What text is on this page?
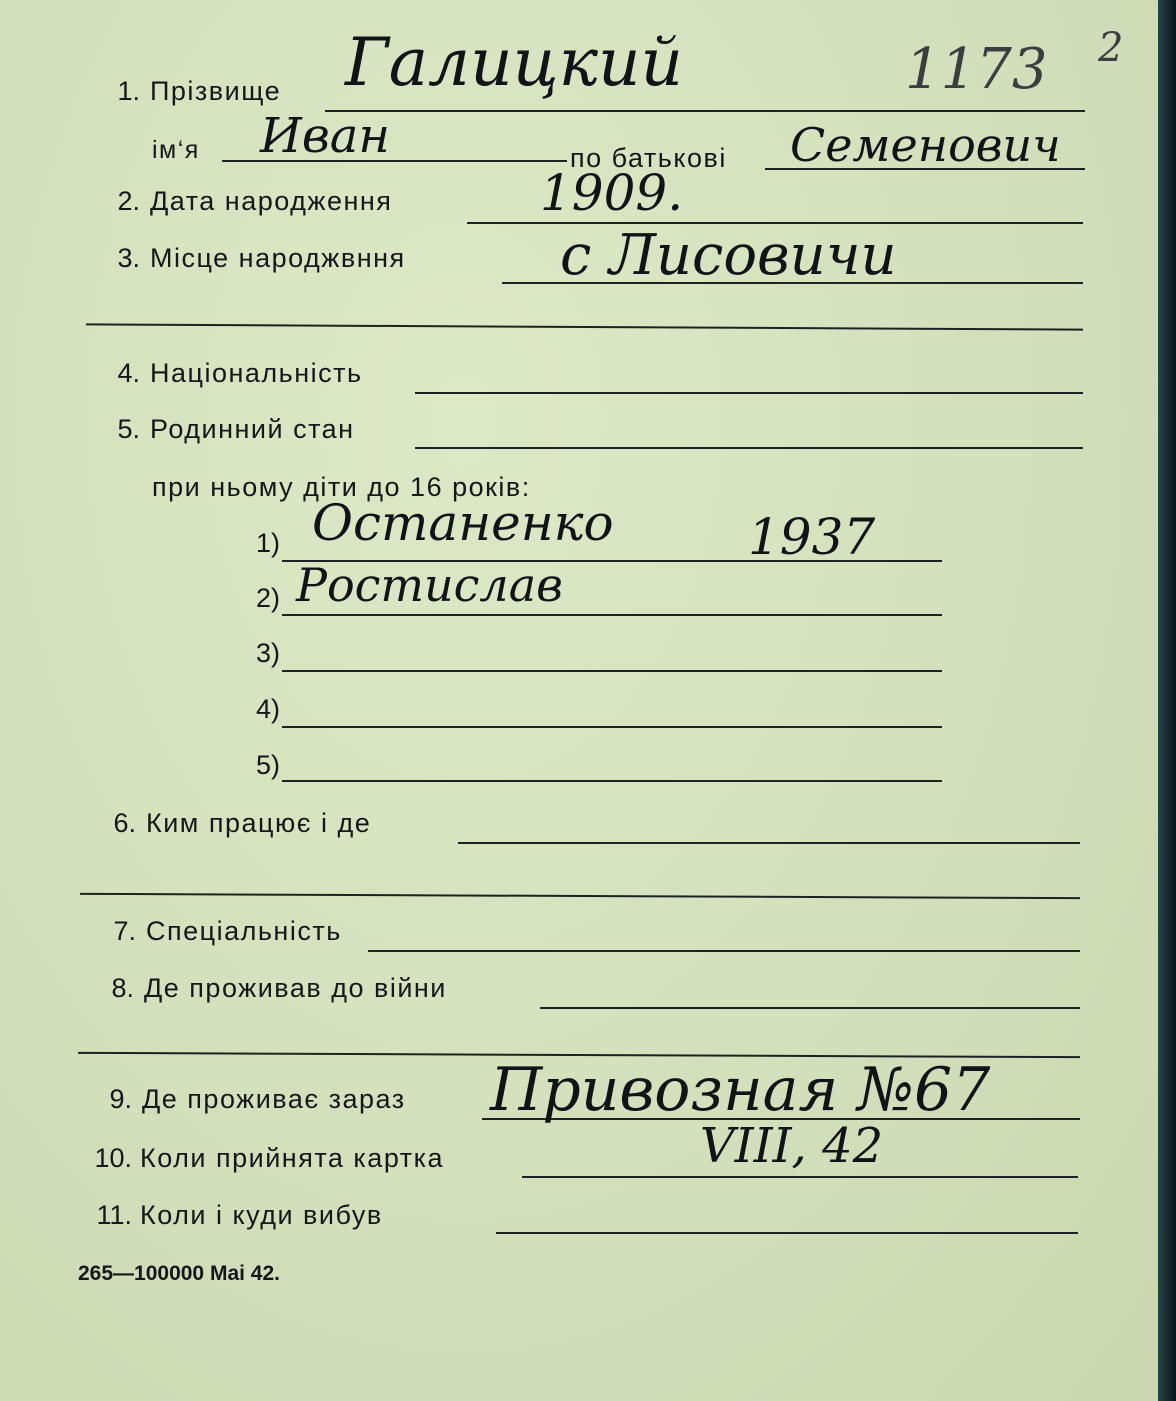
1. Прізвище Галицкий	1173 2
ім‘я Иван	по батькові Семенович
2. Дата народження	1909.
3. Місце народжвння	с Лисовичи
4. Національність
5. Родинний стан
при ньому діти до 16 років:
1) Останенко	1937
2) Ростислав
3)
4)
5)
6. Ким працює і де
7. Спеціальність
8. Де проживав до війни
9. Де проживає зараз Привозная №67
10. Коли прийнята картка	VIII, 42
11. Коли і куди вибув
265—100000 Mai 42.
